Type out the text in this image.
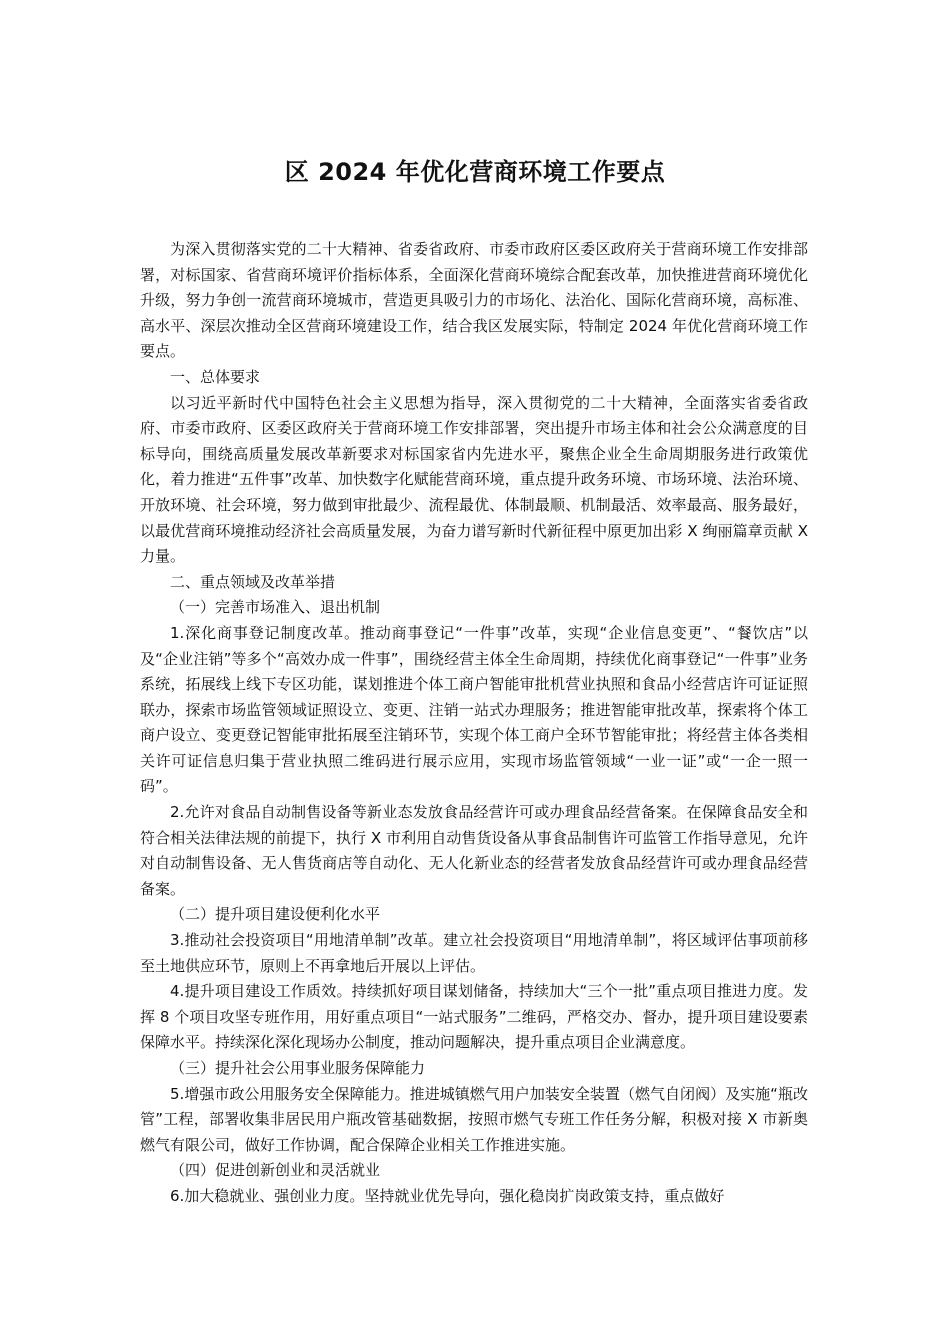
区 2024 年优化营商环境工作要点

为深入贯彻落实党的二十大精神、省委省政府、市委市政府区委区政府关于营商环境工作安排部署，对标国家、省营商环境评价指标体系，全面深化营商环境综合配套改革，加快推进营商环境优化升级，努力争创一流营商环境城市，营造更具吸引力的市场化、法治化、国际化营商环境，高标准、高水平、深层次推动全区营商环境建设工作，结合我区发展实际，特制定 2024 年优化营商环境工作要点。

一、总体要求

以习近平新时代中国特色社会主义思想为指导，深入贯彻党的二十大精神，全面落实省委省政府、市委市政府、区委区政府关于营商环境工作安排部署，突出提升市场主体和社会公众满意度的目标导向，围绕高质量发展改革新要求对标国家省内先进水平，聚焦企业全生命周期服务进行政策优化，着力推进“五件事”改革、加快数字化赋能营商环境，重点提升政务环境、市场环境、法治环境、开放环境、社会环境，努力做到审批最少、流程最优、体制最顺、机制最活、效率最高、服务最好，以最优营商环境推动经济社会高质量发展，为奋力谱写新时代新征程中原更加出彩 X 绚丽篇章贡献 X 力量。

二、重点领域及改革举措

（一）完善市场准入、退出机制

1.深化商事登记制度改革。推动商事登记“一件事”改革，实现“企业信息变更”、“餐饮店”以及“企业注销”等多个“高效办成一件事”，围绕经营主体全生命周期，持续优化商事登记“一件事”业务系统，拓展线上线下专区功能，谋划推进个体工商户智能审批机营业执照和食品小经营店许可证证照联办，探索市场监管领域证照设立、变更、注销一站式办理服务；推进智能审批改革，探索将个体工商户设立、变更登记智能审批拓展至注销环节，实现个体工商户全环节智能审批；将经营主体各类相关许可证信息归集于营业执照二维码进行展示应用，实现市场监管领域“一业一证”或“一企一照一码”。

2.允许对食品自动制售设备等新业态发放食品经营许可或办理食品经营备案。在保障食品安全和符合相关法律法规的前提下，执行 X 市利用自动售货设备从事食品制售许可监管工作指导意见，允许对自动制售设备、无人售货商店等自动化、无人化新业态的经营者发放食品经营许可或办理食品经营备案。

（二）提升项目建设便利化水平

3.推动社会投资项目“用地清单制”改革。建立社会投资项目“用地清单制”，将区域评估事项前移至土地供应环节，原则上不再拿地后开展以上评估。

4.提升项目建设工作质效。持续抓好项目谋划储备，持续加大“三个一批”重点项目推进力度。发挥 8 个项目攻坚专班作用，用好重点项目“一站式服务”二维码，严格交办、督办，提升项目建设要素保障水平。持续深化深化现场办公制度，推动问题解决，提升重点项目企业满意度。

（三）提升社会公用事业服务保障能力

5.增强市政公用服务安全保障能力。推进城镇燃气用户加装安全装置（燃气自闭阀）及实施“瓶改管”工程，部署收集非居民用户瓶改管基础数据，按照市燃气专班工作任务分解，积极对接 X 市新奥燃气有限公司，做好工作协调，配合保障企业相关工作推进实施。

（四）促进创新创业和灵活就业

6.加大稳就业、强创业力度。坚持就业优先导向，强化稳岗扩岗政策支持，重点做好
